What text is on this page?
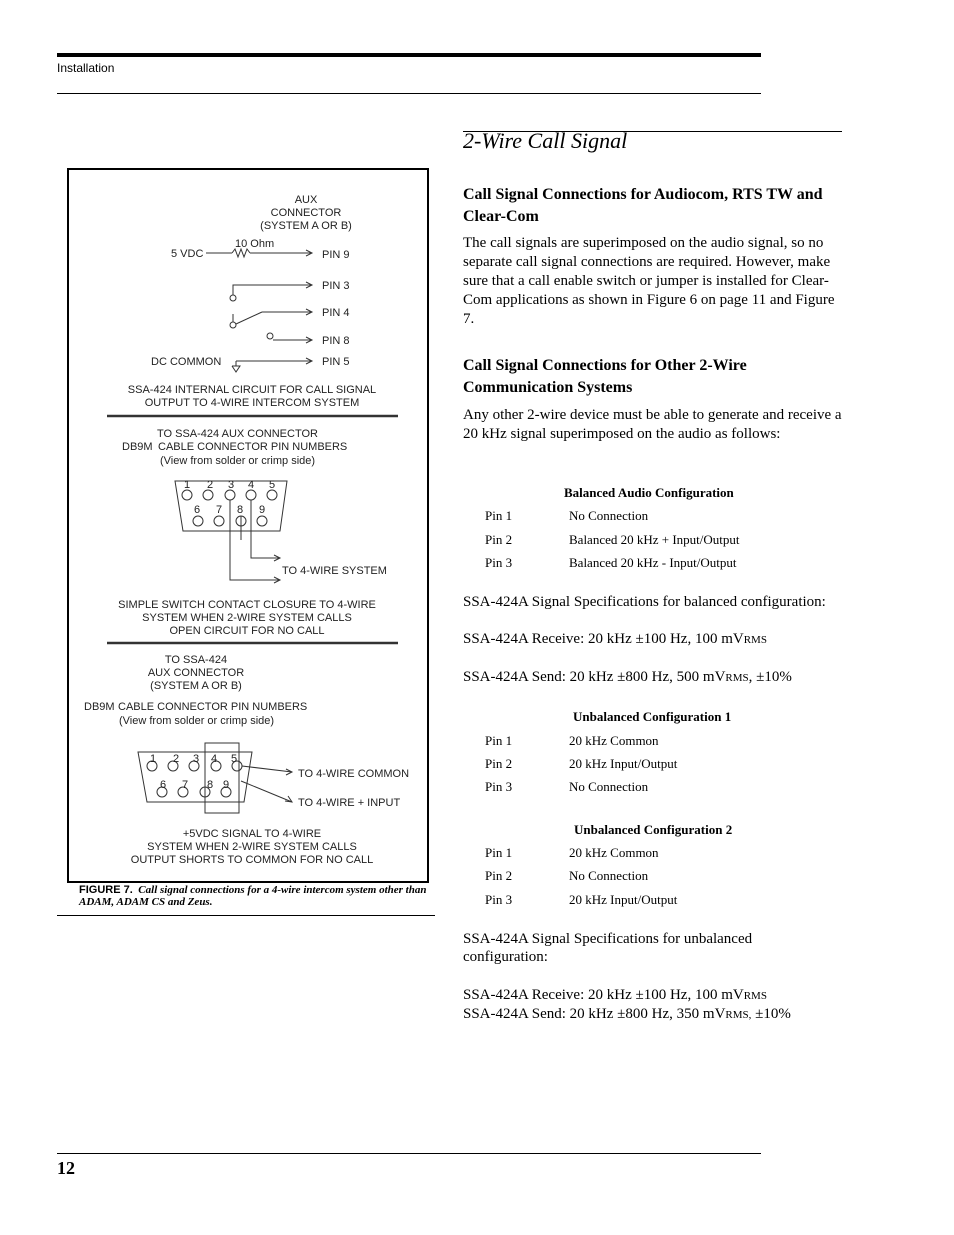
Installation
2-Wire Call Signal
Call Signal Connections for Audiocom, RTS TW and Clear-Com
The call signals are superimposed on the audio signal, so no separate call signal connections are required. However, make sure that a call enable switch or jumper is installed for Clear-Com applications as shown in Figure 6 on page 11 and Figure 7.
Call Signal Connections for Other 2-Wire Communication Systems
Any other 2-wire device must be able to generate and receive a 20 kHz signal superimposed on the audio as follows:
Balanced Audio Configuration
Pin 1	No Connection
Pin 2	Balanced 20 kHz + Input/Output
Pin 3	Balanced 20 kHz - Input/Output
SSA-424A Signal Specifications for balanced configuration:
SSA-424A Receive: 20 kHz ±100 Hz, 100 mVRMS
SSA-424A Send: 20 kHz ±800 Hz, 500 mVRMS, ±10%
Unbalanced Configuration 1
Pin 1	20 kHz Common
Pin 2	20 kHz Input/Output
Pin 3	No Connection
Unbalanced Configuration 2
Pin 1	20 kHz Common
Pin 2	No Connection
Pin 3	20 kHz Input/Output
SSA-424A Signal Specifications for unbalanced
configuration:
SSA-424A Receive: 20 kHz ±100 Hz, 100 mVRMS
SSA-424A Send: 20 kHz ±800 Hz, 350 mVRMS, ±10%
AUX
CONNECTOR
(SYSTEM A OR B)
10 Ohm
5 VDC	PIN 9
PIN 3
PIN 4
PIN 8
DC COMMON	PIN 5
SSA-424 INTERNAL CIRCUIT FOR CALL SIGNAL
OUTPUT TO 4-WIRE INTERCOM SYSTEM
TO SSA-424 AUX CONNECTOR
DB9M CABLE CONNECTOR PIN NUMBERS
(View from solder or crimp side)
1 2 3 4 5
6 7 8 9
TO 4-WIRE SYSTEM
SIMPLE SWITCH CONTACT CLOSURE TO 4-WIRE
SYSTEM WHEN 2-WIRE SYSTEM CALLS
OPEN CIRCUIT FOR NO CALL
TO SSA-424
AUX CONNECTOR
(SYSTEM A OR B)
DB9M CABLE CONNECTOR PIN NUMBERS
(View from solder or crimp side)
1 2 3 4 5
6 7 8 9
TO 4-WIRE COMMON
TO 4-WIRE + INPUT
+5VDC SIGNAL TO 4-WIRE
SYSTEM WHEN 2-WIRE SYSTEM CALLS
OUTPUT SHORTS TO COMMON FOR NO CALL
FIGURE 7. Call signal connections for a 4-wire intercom system other than ADAM, ADAM CS and Zeus.
12
